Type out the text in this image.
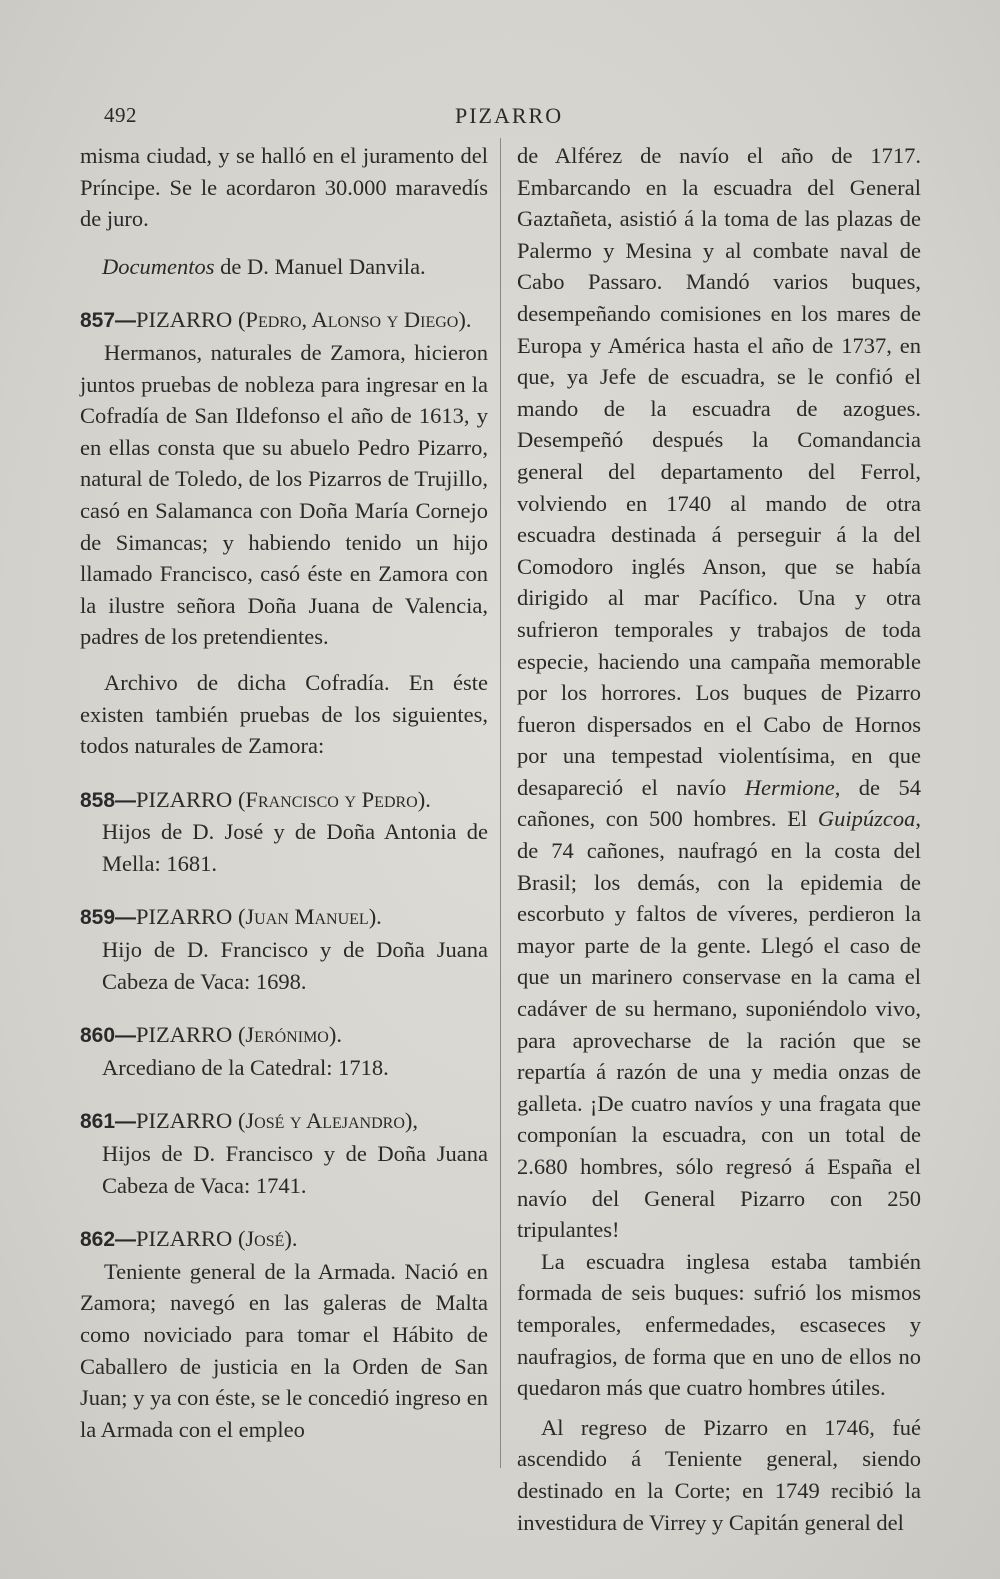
492	PIZARRO

misma ciudad, y se halló en el juramento del Príncipe. Se le acordaron 30.000 maravedís de juro.

Documentos de D. Manuel Danvila.

857—PIZARRO (Pedro, Alonso y Diego).

Hermanos, naturales de Zamora, hicieron juntos pruebas de nobleza para ingresar en la Cofradía de San Ildefonso el año de 1613, y en ellas consta que su abuelo Pedro Pizarro, natural de Toledo, de los Pizarros de Trujillo, casó en Salamanca con Doña María Cornejo de Simancas; y habiendo tenido un hijo llamado Francisco, casó éste en Zamora con la ilustre señora Doña Juana de Valencia, padres de los pretendientes.

Archivo de dicha Cofradía. En éste existen también pruebas de los siguientes, todos naturales de Zamora:

858—PIZARRO (Francisco y Pedro).

Hijos de D. José y de Doña Antonia de Mella: 1681.

859—PIZARRO (Juan Manuel).

Hijo de D. Francisco y de Doña Juana Cabeza de Vaca: 1698.

860—PIZARRO (Jerónimo).

Arcediano de la Catedral: 1718.

861—PIZARRO (José y Alejandro),

Hijos de D. Francisco y de Doña Juana Cabeza de Vaca: 1741.

862—PIZARRO (José).

Teniente general de la Armada. Nació en Zamora; navegó en las galeras de Malta como noviciado para tomar el Hábito de Caballero de justicia en la Orden de San Juan; y ya con éste, se le concedió ingreso en la Armada con el empleo

de Alférez de navío el año de 1717. Embarcando en la escuadra del General Gaztañeta, asistió á la toma de las plazas de Palermo y Mesina y al combate naval de Cabo Passaro. Mandó varios buques, desempeñando comisiones en los mares de Europa y América hasta el año de 1737, en que, ya Jefe de escuadra, se le confió el mando de la escuadra de azogues. Desempeñó después la Comandancia general del departamento del Ferrol, volviendo en 1740 al mando de otra escuadra destinada á perseguir á la del Comodoro inglés Anson, que se había dirigido al mar Pacífico. Una y otra sufrieron temporales y trabajos de toda especie, haciendo una campaña memorable por los horrores. Los buques de Pizarro fueron dispersados en el Cabo de Hornos por una tempestad violentísima, en que desapareció el navío Hermione, de 54 cañones, con 500 hombres. El Guipúzcoa, de 74 cañones, naufragó en la costa del Brasil; los demás, con la epidemia de escorbuto y faltos de víveres, perdieron la mayor parte de la gente. Llegó el caso de que un marinero conservase en la cama el cadáver de su hermano, suponiéndolo vivo, para aprovecharse de la ración que se repartía á razón de una y media onzas de galleta. ¡De cuatro navíos y una fragata que componían la escuadra, con un total de 2.680 hombres, sólo regresó á España el navío del General Pizarro con 250 tripulantes!

La escuadra inglesa estaba también formada de seis buques: sufrió los mismos temporales, enfermedades, escaseces y naufragios, de forma que en uno de ellos no quedaron más que cuatro hombres útiles.

Al regreso de Pizarro en 1746, fué ascendido á Teniente general, siendo destinado en la Corte; en 1749 recibió la investidura de Virrey y Capitán general del
